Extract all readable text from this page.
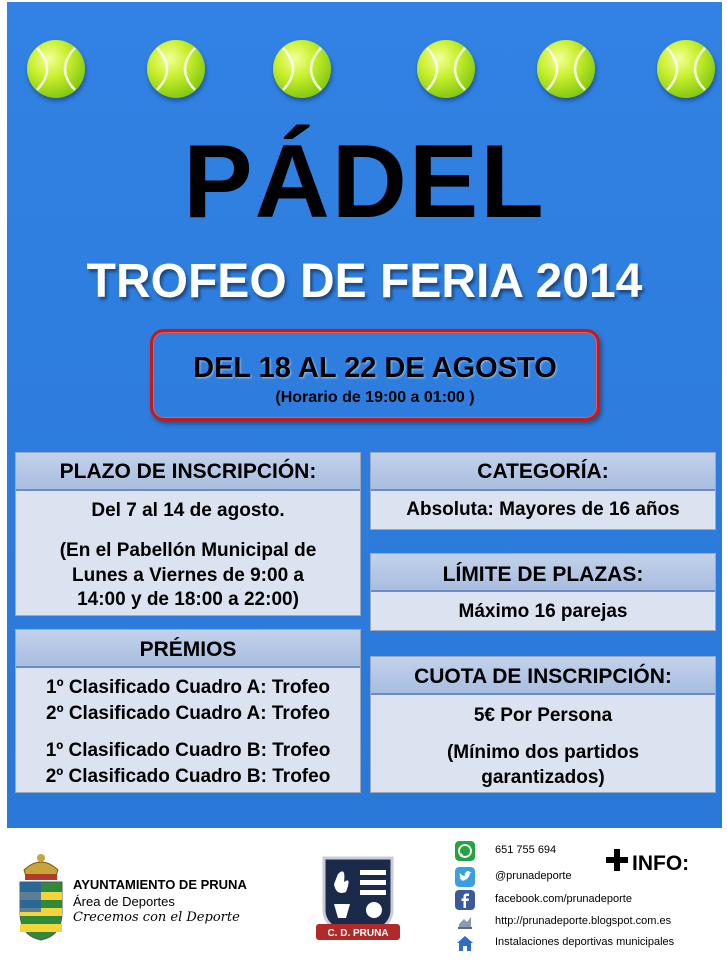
PÁDEL
TROFEO DE FERIA 2014
DEL 18 AL 22 DE AGOSTO
(Horario de 19:00 a 01:00 )
PLAZO DE INSCRIPCIÓN:
Del 7 al 14 de agosto.
(En el Pabellón Municipal de
Lunes a Viernes de 9:00 a
14:00 y de 18:00 a 22:00)
PRÉMIOS
1º Clasificado Cuadro A: Trofeo
2º Clasificado Cuadro A: Trofeo
1º Clasificado Cuadro B: Trofeo
2º Clasificado Cuadro B: Trofeo
CATEGORÍA:
Absoluta: Mayores de 16 años
LÍMITE DE PLAZAS:
Máximo 16 parejas
CUOTA DE INSCRIPCIÓN:
5€ Por Persona
(Mínimo dos partidos
garantizados)
AYUNTAMIENTO DE PRUNA
Área de Deportes
Crecemos con el Deporte
C. D. PRUNA
651 755 694
@prunadeporte
facebook.com/prunadeporte
http://prunadeporte.blogspot.com.es
Instalaciones deportivas municipales
INFO:
